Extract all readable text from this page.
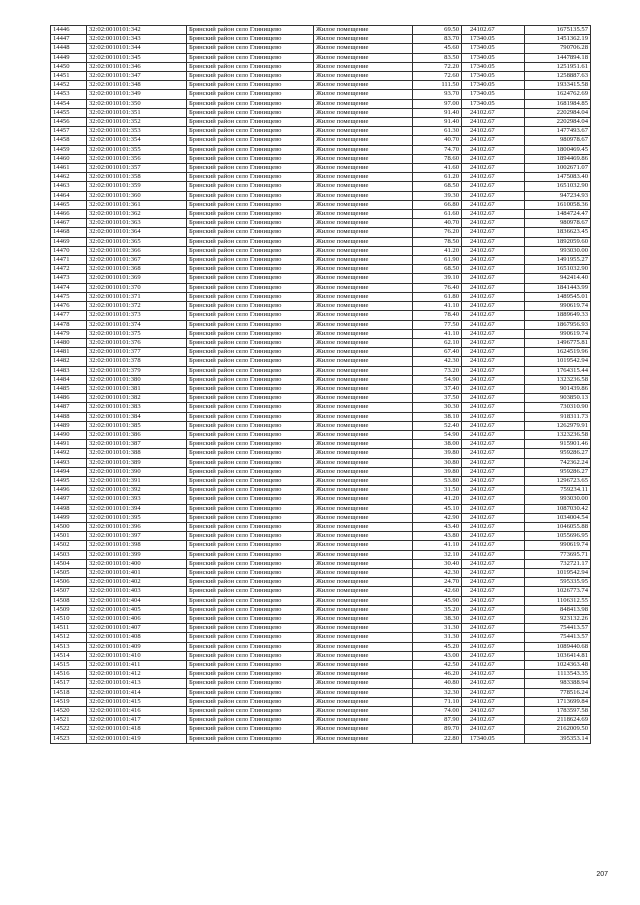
14446	32:02:0010101:342	Брянский район село Глинищево	Жилое помещение	69.50	24102.67	1675135.57
14447	32:02:0010101:343	Брянский район село Глинищево	Жилое помещение	83.70	17340.05	1451362.19
14448	32:02:0010101:344	Брянский район село Глинищево	Жилое помещение	45.60	17340.05	790706.28
14449	32:02:0010101:345	Брянский район село Глинищево	Жилое помещение	83.50	17340.05	1447894.18
14450	32:02:0010101:346	Брянский район село Глинищево	Жилое помещение	72.20	17340.05	1251951.61
14451	32:02:0010101:347	Брянский район село Глинищево	Жилое помещение	72.60	17340.05	1258887.63
14452	32:02:0010101:348	Брянский район село Глинищево	Жилое помещение	111.50	17340.05	1933415.58
14453	32:02:0010101:349	Брянский район село Глинищево	Жилое помещение	93.70	17340.05	1624762.69
14454	32:02:0010101:350	Брянский район село Глинищево	Жилое помещение	97.00	17340.05	1681984.85
14455	32:02:0010101:351	Брянский район село Глинищево	Жилое помещение	91.40	24102.67	2202984.04
14456	32:02:0010101:352	Брянский район село Глинищево	Жилое помещение	91.40	24102.67	2202984.04
14457	32:02:0010101:353	Брянский район село Глинищево	Жилое помещение	61.30	24102.67	1477493.67
14458	32:02:0010101:354	Брянский район село Глинищево	Жилое помещение	40.70	24102.67	980978.67
14459	32:02:0010101:355	Брянский район село Глинищево	Жилое помещение	74.70	24102.67	1800469.45
14460	32:02:0010101:356	Брянский район село Глинищево	Жилое помещение	78.60	24102.67	1894469.86
14461	32:02:0010101:357	Брянский район село Глинищево	Жилое помещение	41.60	24102.67	1002671.07
14462	32:02:0010101:358	Брянский район село Глинищево	Жилое помещение	61.20	24102.67	1475083.40
14463	32:02:0010101:359	Брянский район село Глинищево	Жилое помещение	68.50	24102.67	1651032.90
14464	32:02:0010101:360	Брянский район село Глинищево	Жилое помещение	39.30	24102.67	947234.93
14465	32:02:0010101:361	Брянский район село Глинищево	Жилое помещение	66.80	24102.67	1610058.36
14466	32:02:0010101:362	Брянский район село Глинищево	Жилое помещение	61.60	24102.67	1484724.47
14467	32:02:0010101:363	Брянский район село Глинищево	Жилое помещение	40.70	24102.67	980978.67
14468	32:02:0010101:364	Брянский район село Глинищево	Жилое помещение	76.20	24102.67	1836623.45
14469	32:02:0010101:365	Брянский район село Глинищево	Жилое помещение	78.50	24102.67	1892059.60
14470	32:02:0010101:366	Брянский район село Глинищево	Жилое помещение	41.20	24102.67	993030.00
14471	32:02:0010101:367	Брянский район село Глинищево	Жилое помещение	61.90	24102.67	1491955.27
14472	32:02:0010101:368	Брянский район село Глинищево	Жилое помещение	68.50	24102.67	1651032.90
14473	32:02:0010101:369	Брянский район село Глинищево	Жилое помещение	39.10	24102.67	942414.40
14474	32:02:0010101:370	Брянский район село Глинищево	Жилое помещение	76.40	24102.67	1841443.99
14475	32:02:0010101:371	Брянский район село Глинищево	Жилое помещение	61.80	24102.67	1489545.01
14476	32:02:0010101:372	Брянский район село Глинищево	Жилое помещение	41.10	24102.67	990619.74
14477	32:02:0010101:373	Брянский район село Глинищево	Жилое помещение	78.40	24102.67	1889649.33
14478	32:02:0010101:374	Брянский район село Глинищево	Жилое помещение	77.50	24102.67	1867956.93
14479	32:02:0010101:375	Брянский район село Глинищево	Жилое помещение	41.10	24102.67	990619.74
14480	32:02:0010101:376	Брянский район село Глинищево	Жилое помещение	62.10	24102.67	1496775.81
14481	32:02:0010101:377	Брянский район село Глинищево	Жилое помещение	67.40	24102.67	1624519.96
14482	32:02:0010101:378	Брянский район село Глинищево	Жилое помещение	42.30	24102.67	1019542.94
14483	32:02:0010101:379	Брянский район село Глинищево	Жилое помещение	73.20	24102.67	1764315.44
14484	32:02:0010101:380	Брянский район село Глинищево	Жилое помещение	54.90	24102.67	1323236.58
14485	32:02:0010101:381	Брянский район село Глинищево	Жилое помещение	37.40	24102.67	901439.86
14486	32:02:0010101:382	Брянский район село Глинищево	Жилое помещение	37.50	24102.67	903850.13
14487	32:02:0010101:383	Брянский район село Глинищево	Жилое помещение	30.30	24102.67	730310.90
14488	32:02:0010101:384	Брянский район село Глинищево	Жилое помещение	38.10	24102.67	918311.73
14489	32:02:0010101:385	Брянский район село Глинищево	Жилое помещение	52.40	24102.67	1262979.91
14490	32:02:0010101:386	Брянский район село Глинищево	Жилое помещение	54.90	24102.67	1323236.58
14491	32:02:0010101:387	Брянский район село Глинищево	Жилое помещение	38.00	24102.67	915901.46
14492	32:02:0010101:388	Брянский район село Глинищево	Жилое помещение	39.80	24102.67	959286.27
14493	32:02:0010101:389	Брянский район село Глинищево	Жилое помещение	30.80	24102.67	742362.24
14494	32:02:0010101:390	Брянский район село Глинищево	Жилое помещение	39.80	24102.67	959286.27
14495	32:02:0010101:391	Брянский район село Глинищево	Жилое помещение	53.80	24102.67	1296723.65
14496	32:02:0010101:392	Брянский район село Глинищево	Жилое помещение	31.50	24102.67	759234.11
14497	32:02:0010101:393	Брянский район село Глинищево	Жилое помещение	41.20	24102.67	993030.00
14498	32:02:0010101:394	Брянский район село Глинищево	Жилое помещение	45.10	24102.67	1087030.42
14499	32:02:0010101:395	Брянский район село Глинищево	Жилое помещение	42.90	24102.67	1034004.54
14500	32:02:0010101:396	Брянский район село Глинищево	Жилое помещение	43.40	24102.67	1046055.88
14501	32:02:0010101:397	Брянский район село Глинищево	Жилое помещение	43.80	24102.67	1055696.95
14502	32:02:0010101:398	Брянский район село Глинищево	Жилое помещение	41.10	24102.67	990619.74
14503	32:02:0010101:399	Брянский район село Глинищево	Жилое помещение	32.10	24102.67	773695.71
14504	32:02:0010101:400	Брянский район село Глинищево	Жилое помещение	30.40	24102.67	732721.17
14505	32:02:0010101:401	Брянский район село Глинищево	Жилое помещение	42.30	24102.67	1019542.94
14506	32:02:0010101:402	Брянский район село Глинищево	Жилое помещение	24.70	24102.67	595335.95
14507	32:02:0010101:403	Брянский район село Глинищево	Жилое помещение	42.60	24102.67	1026773.74
14508	32:02:0010101:404	Брянский район село Глинищево	Жилое помещение	45.90	24102.67	1106312.55
14509	32:02:0010101:405	Брянский район село Глинищево	Жилое помещение	35.20	24102.67	848413.98
14510	32:02:0010101:406	Брянский район село Глинищево	Жилое помещение	38.30	24102.67	923132.26
14511	32:02:0010101:407	Брянский район село Глинищево	Жилое помещение	31.30	24102.67	754413.57
14512	32:02:0010101:408	Брянский район село Глинищево	Жилое помещение	31.30	24102.67	754413.57
14513	32:02:0010101:409	Брянский район село Глинищево	Жилое помещение	45.20	24102.67	1089440.68
14514	32:02:0010101:410	Брянский район село Глинищево	Жилое помещение	43.00	24102.67	1036414.81
14515	32:02:0010101:411	Брянский район село Глинищево	Жилое помещение	42.50	24102.67	1024363.48
14516	32:02:0010101:412	Брянский район село Глинищево	Жилое помещение	46.20	24102.67	1113543.35
14517	32:02:0010101:413	Брянский район село Глинищево	Жилое помещение	40.80	24102.67	983388.94
14518	32:02:0010101:414	Брянский район село Глинищево	Жилое помещение	32.30	24102.67	778516.24
14519	32:02:0010101:415	Брянский район село Глинищево	Жилое помещение	71.10	24102.67	1713699.84
14520	32:02:0010101:416	Брянский район село Глинищево	Жилое помещение	74.00	24102.67	1783597.58
14521	32:02:0010101:417	Брянский район село Глинищево	Жилое помещение	87.90	24102.67	2118624.69
14522	32:02:0010101:418	Брянский район село Глинищево	Жилое помещение	89.70	24102.67	2162009.50
14523	32:02:0010101:419	Брянский район село Глинищево	Жилое помещение	22.80	17340.05	395353.14
207
